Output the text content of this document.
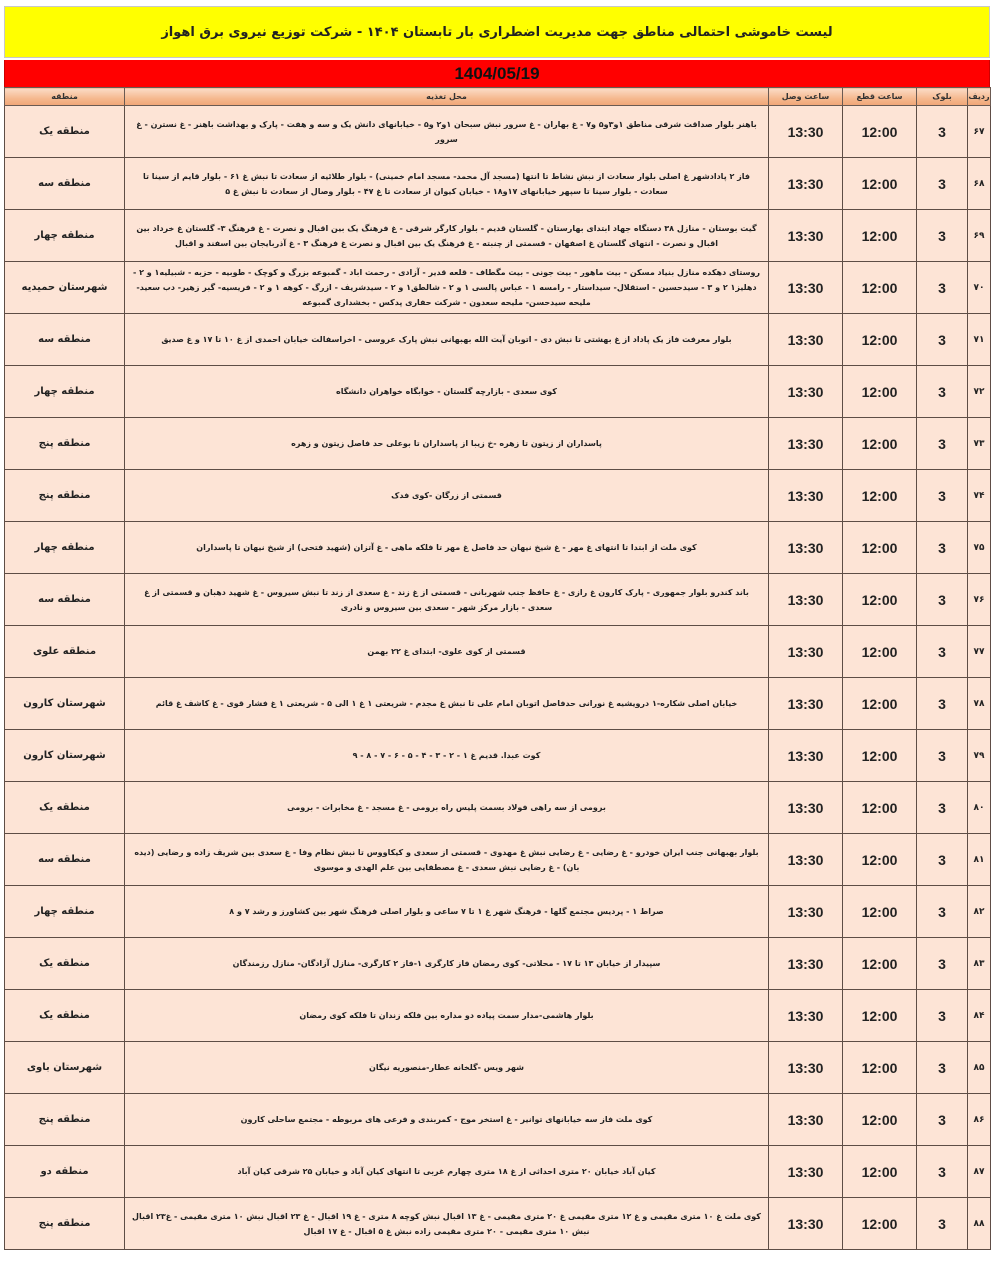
لیست خاموشی احتمالی مناطق جهت مدیریت اضطراری بار تابستان ۱۴۰۴ - شرکت توزیع نیروی برق اهواز
1404/05/19
ردیف	بلوک	ساعت قطع	ساعت وصل	محل تغذیه	منطقه
۶۷	3	12:00	13:30	باهنر بلوار صداقت شرقی مناطق ۱و۳و۵ و۷ - غ بهاران - غ سرور نبش سبحان ۱و۲ و۵ - خیابانهای دانش یک و سه و هفت - پارک و بهداشت باهنر - غ نسترن - غ سرور	منطقه یک
۶۸	3	12:00	13:30	فاز ۲ پادادشهر غ اصلی بلوار سعادت از نبش نشاط تا انتها (مسجد آل محمد- مسجد امام خمینی) - بلوار طلائیه از سعادت تا نبش غ ۶۱ - بلوار قایم از سینا تا سعادت - بلوار سینا تا سپهر خیابانهای ۱۷و۱۸ - خیابان کیوان از سعادت تا غ ۴۷ - بلوار وصال از سعادت تا نبش غ ۵	منطقه سه
۶۹	3	12:00	13:30	گیت بوستان - منازل ۳۸ دستگاه جهاد ابتدای بهارستان - گلستان قدیم - بلوار کارگر شرقی - غ فرهنگ یک بین اقبال و نصرت - غ فرهنگ ۳- گلستان غ خرداد بین اقبال و نصرت - انتهای گلستان غ اصفهان - قسمتی از چنبته - غ فرهنگ یک بین اقبال و نصرت غ فرهنگ ۳ - غ آذربایجان بین اسفند و اقبال	منطقه چهار
۷۰	3	12:00	13:30	روستای دهکده منازل بنیاد مسکن - بیت ماهور - بیت جونی - بیت مگطاف - قلعه قدیر - آزادی - رحمت اباد - گمبوعه بزرگ و کوچک - طوبیه - حزبه - شبیلیه۱ و ۲ - دهلیز۱ ۲ و ۳ - سیدحسین - استقلال- سیداستار - رامسه ۱ - عباس پالسی ۱ و ۲ - شالطق۱ و ۲ - سیدشریف - ازرگ - کوهه ۱ و ۲ - فریسیه- گبر زهیر- دب سعید- ملیحه سیدحسن- ملیحه سعدون - شرکت حفاری پدکس - بخشداری گمبوعه	شهرستان حمیدیه
۷۱	3	12:00	13:30	بلوار معرفت فاز یک پاداد از غ بهشتی تا نبش دی - اتوبان آیت الله بهبهانی نبش پارک عروسی - اخراسفالت خیابان احمدی از غ ۱۰ تا ۱۷ و غ صدیق	منطقه سه
۷۲	3	12:00	13:30	کوی سعدی - بازارچه گلستان - خوابگاه خواهران دانشگاه	منطقه چهار
۷۳	3	12:00	13:30	پاسداران از زیتون تا زهره -خ زیبا از پاسداران تا بوعلی حد فاصل زیتون و زهره	منطقه پنج
۷۴	3	12:00	13:30	قسمتی از زرگان -کوی فدک	منطقه پنج
۷۵	3	12:00	13:30	کوی ملت از ابتدا تا انتهای غ مهر - غ شیخ نیهان حد فاصل غ مهر تا فلکه ماهی - غ آتزان (شهید فتحی) از شیخ نیهان تا پاسداران	منطقه چهار
۷۶	3	12:00	13:30	باند کندرو بلوار جمهوری - پارک کارون غ رازی - غ حافظ جنب شهربانی - قسمتی از غ زند - غ سعدی از زند تا نبش سیروس - غ شهید دهبان و قسمتی از غ سعدی - بازار مرکز شهر - سعدی بین سیروس و نادری	منطقه سه
۷۷	3	12:00	13:30	قسمتی از کوی علوی- ابتدای غ ۲۲ بهمن	منطقه علوی
۷۸	3	12:00	13:30	خیابان اصلی شکاره-۱ درویشیه غ نورانی حدفاصل اتوبان امام علی تا نبش غ مجدم - شریعتی ۱ غ ۱ الی ۵ - شریعتی ۱ غ فشار قوی - غ کاشف غ قائم	شهرستان کارون
۷۹	3	12:00	13:30	کوت عبدا. قدیم غ ۱ - ۲ - ۳ - ۴ - ۵ - ۶ - ۷ - ۸ - ۹	شهرستان کارون
۸۰	3	12:00	13:30	برومی از سه راهی فولاد بسمت پلیس راه برومی - غ مسجد - غ مخابرات - برومی	منطقه یک
۸۱	3	12:00	13:30	بلوار بهبهانی جنب ایران خودرو - غ رضایی - غ رضایی نبش غ مهدوی - قسمتی از سعدی و کیکاووس تا نبش نظام وفا - غ سعدی بین شریف زاده و رضایی (دیده بان) - غ رضایی نبش سعدی - غ مصطفایی بین علم الهدی و موسوی	منطقه سه
۸۲	3	12:00	13:30	صراط ۱ - پردیس مجتمع گلها - فرهنگ شهر غ ۱ تا ۷ ساعی و بلوار اصلی فرهنگ شهر بین کشاورز و رشد ۷ و ۸	منطقه چهار
۸۳	3	12:00	13:30	سپیدار از خیابان ۱۳ تا ۱۷ - محلاتی- کوی رمضان فاز کارگری ۱-فاز ۲ کارگری- منازل آزادگان- منازل رزمندگان	منطقه یک
۸۴	3	12:00	13:30	بلوار هاشمی-مدار سمت پیاده دو مداره بین فلکه زندان تا فلکه کوی رمضان	منطقه یک
۸۵	3	12:00	13:30	شهر ویس -گلخانه عطار-منصوریه نیگان	شهرستان باوی
۸۶	3	12:00	13:30	کوی ملت فاز سه خیابانهای توانیر - غ استخر موج - کمربندی و فرعی های مربوطه - مجتمع ساحلی کارون	منطقه پنج
۸۷	3	12:00	13:30	کیان آباد خیابان ۲۰ متری احداثی از غ ۱۸ متری چهارم غربی تا انتهای کیان آباد و خیابان ۲۵ شرقی کیان آباد	منطقه دو
۸۸	3	12:00	13:30	کوی ملت غ ۱۰ متری مقیمی و غ ۱۲ متری مقیمی غ ۲۰ متری مقیمی - غ ۱۳ اقبال نبش کوچه ۸ متری - غ ۱۹ اقبال - غ ۲۳ اقبال نبش ۱۰ متری مقیمی - غ۲۳ اقبال نبش ۱۰ متری مقیمی - ۲۰ متری مقیمی زاده نبش غ ۵ اقبال - غ ۱۷ اقبال	منطقه پنج
